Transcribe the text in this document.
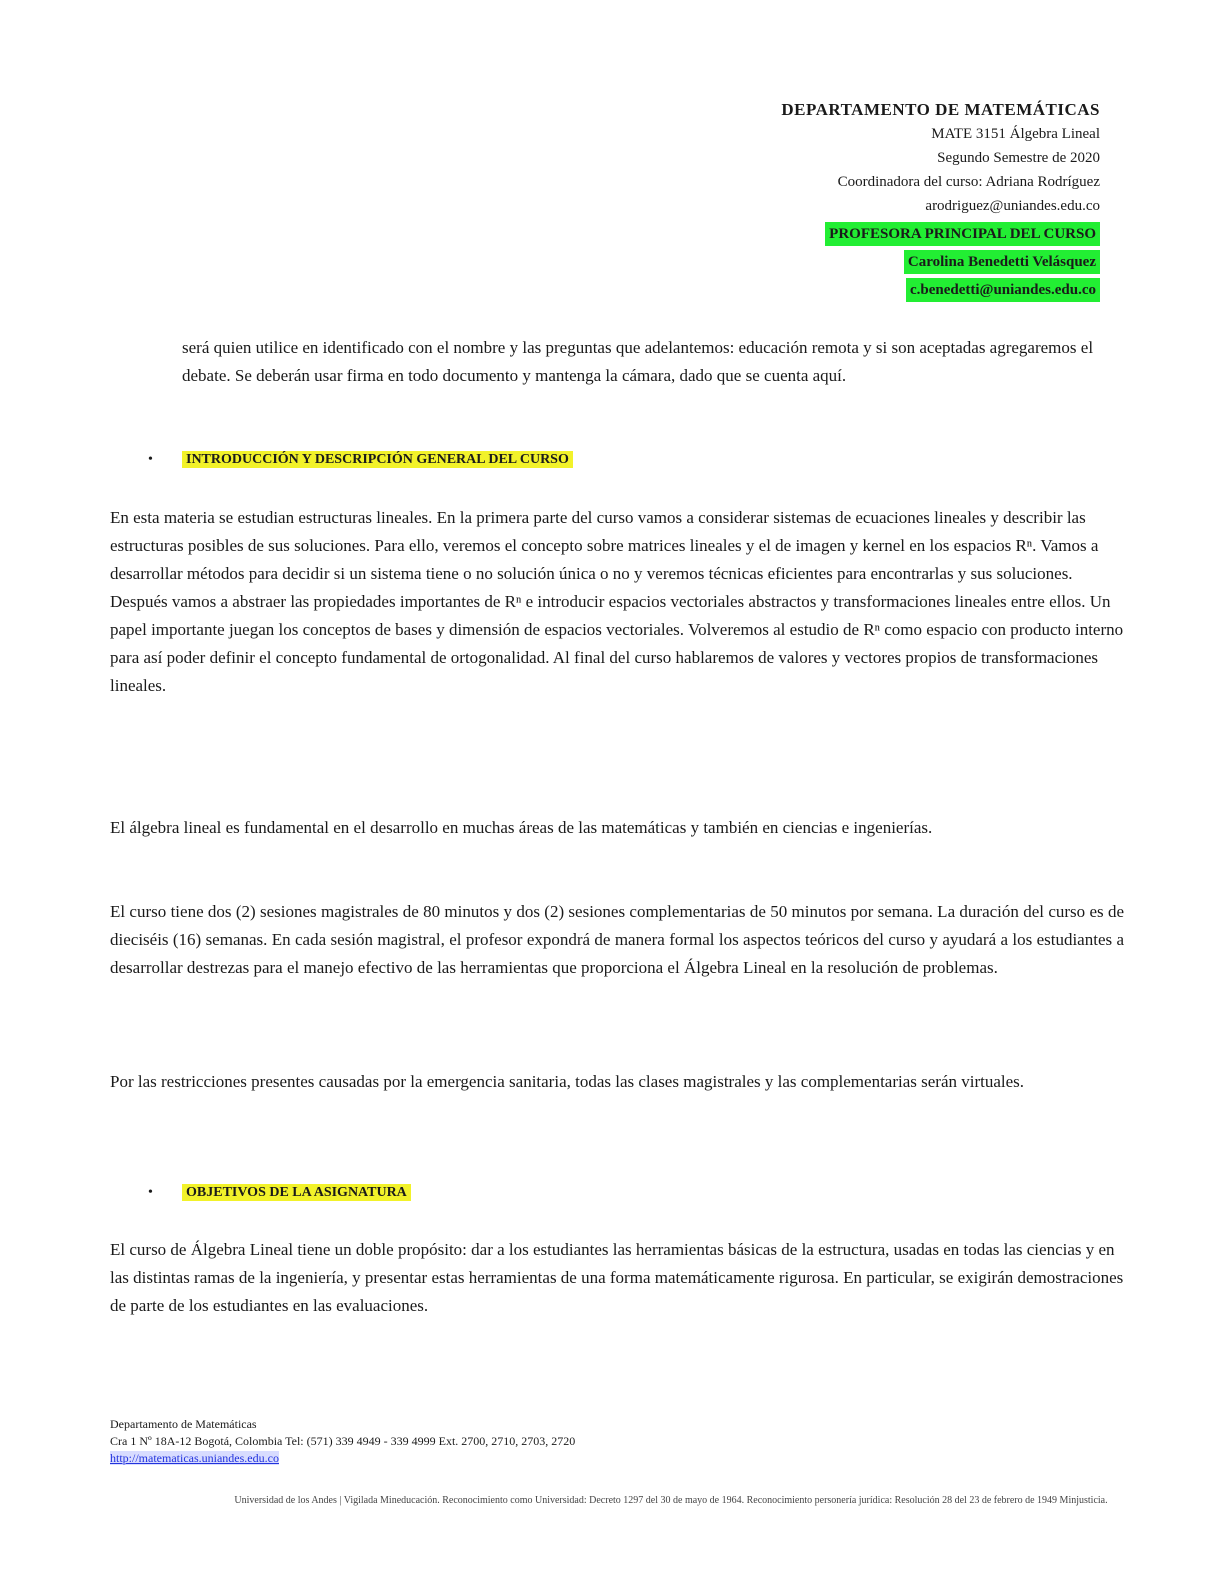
DEPARTAMENTO DE MATEMÁTICAS
MATE 3151 Álgebra Lineal
Segundo Semestre de 2020
Coordinadora del curso: Adriana Rodríguez
arodriguez@uniandes.edu.co
PROFESORA PRINCIPAL DEL CURSO
Carolina Benedetti Velásquez
c.benedetti@uniandes.edu.co
será quien utilice en identificado con el nombre y las preguntas que adelantemos: educación remota y si son aceptadas agregaremos el debate. Se deberán usar firma en todo documento y mantenga la cámara, dado que se cuenta aquí.
• INTRODUCCIÓN Y DESCRIPCIÓN GENERAL DEL CURSO
En esta materia se estudian estructuras lineales. En la primera parte del curso vamos a considerar sistemas de ecuaciones lineales y describir las estructuras posibles de sus soluciones. Para ello, veremos el concepto sobre matrices lineales y el de imagen y kernel en los espacios Rⁿ. Vamos a desarrollar métodos para decidir si un sistema tiene o no solución única o no y veremos técnicas eficientes para encontrarlas y sus soluciones. Después vamos a abstraer las propiedades importantes de Rⁿ e introducir espacios vectoriales abstractos y transformaciones lineales entre ellos. Un papel importante juegan los conceptos de bases y dimensión de espacios vectoriales. Volveremos al estudio de Rⁿ como espacio con producto interno para así poder definir el concepto fundamental de ortogonalidad. Al final del curso hablaremos de valores y vectores propios de transformaciones lineales.
El álgebra lineal es fundamental en el desarrollo en muchas áreas de las matemáticas y también en ciencias e ingenierías.
El curso tiene dos (2) sesiones magistrales de 80 minutos y dos (2) sesiones complementarias de 50 minutos por semana. La duración del curso es de dieciséis (16) semanas. En cada sesión magistral, el profesor expondrá de manera formal los aspectos teóricos del curso y ayudará a los estudiantes a desarrollar destrezas para el manejo efectivo de las herramientas que proporciona el Álgebra Lineal en la resolución de problemas.
Por las restricciones presentes causadas por la emergencia sanitaria, todas las clases magistrales y las complementarias serán virtuales.
• OBJETIVOS DE LA ASIGNATURA
El curso de Álgebra Lineal tiene un doble propósito: dar a los estudiantes las herramientas básicas de la estructura, usadas en todas las ciencias y en las distintas ramas de la ingeniería, y presentar estas herramientas de una forma matemáticamente rigurosa. En particular, se exigirán demostraciones de parte de los estudiantes en las evaluaciones.
Departamento de Matemáticas
Cra 1 Nº 18A-12 Bogotá, Colombia Tel: (571) 339 4949 - 339 4999 Ext. 2700, 2710, 2703, 2720
http://matematicas.uniandes.edu.co
Universidad de los Andes | Vigilada Mineducación. Reconocimiento como Universidad: Decreto 1297 del 30 de mayo de 1964. Reconocimiento personería jurídica: Resolución 28 del 23 de febrero de 1949 Minjusticia.
